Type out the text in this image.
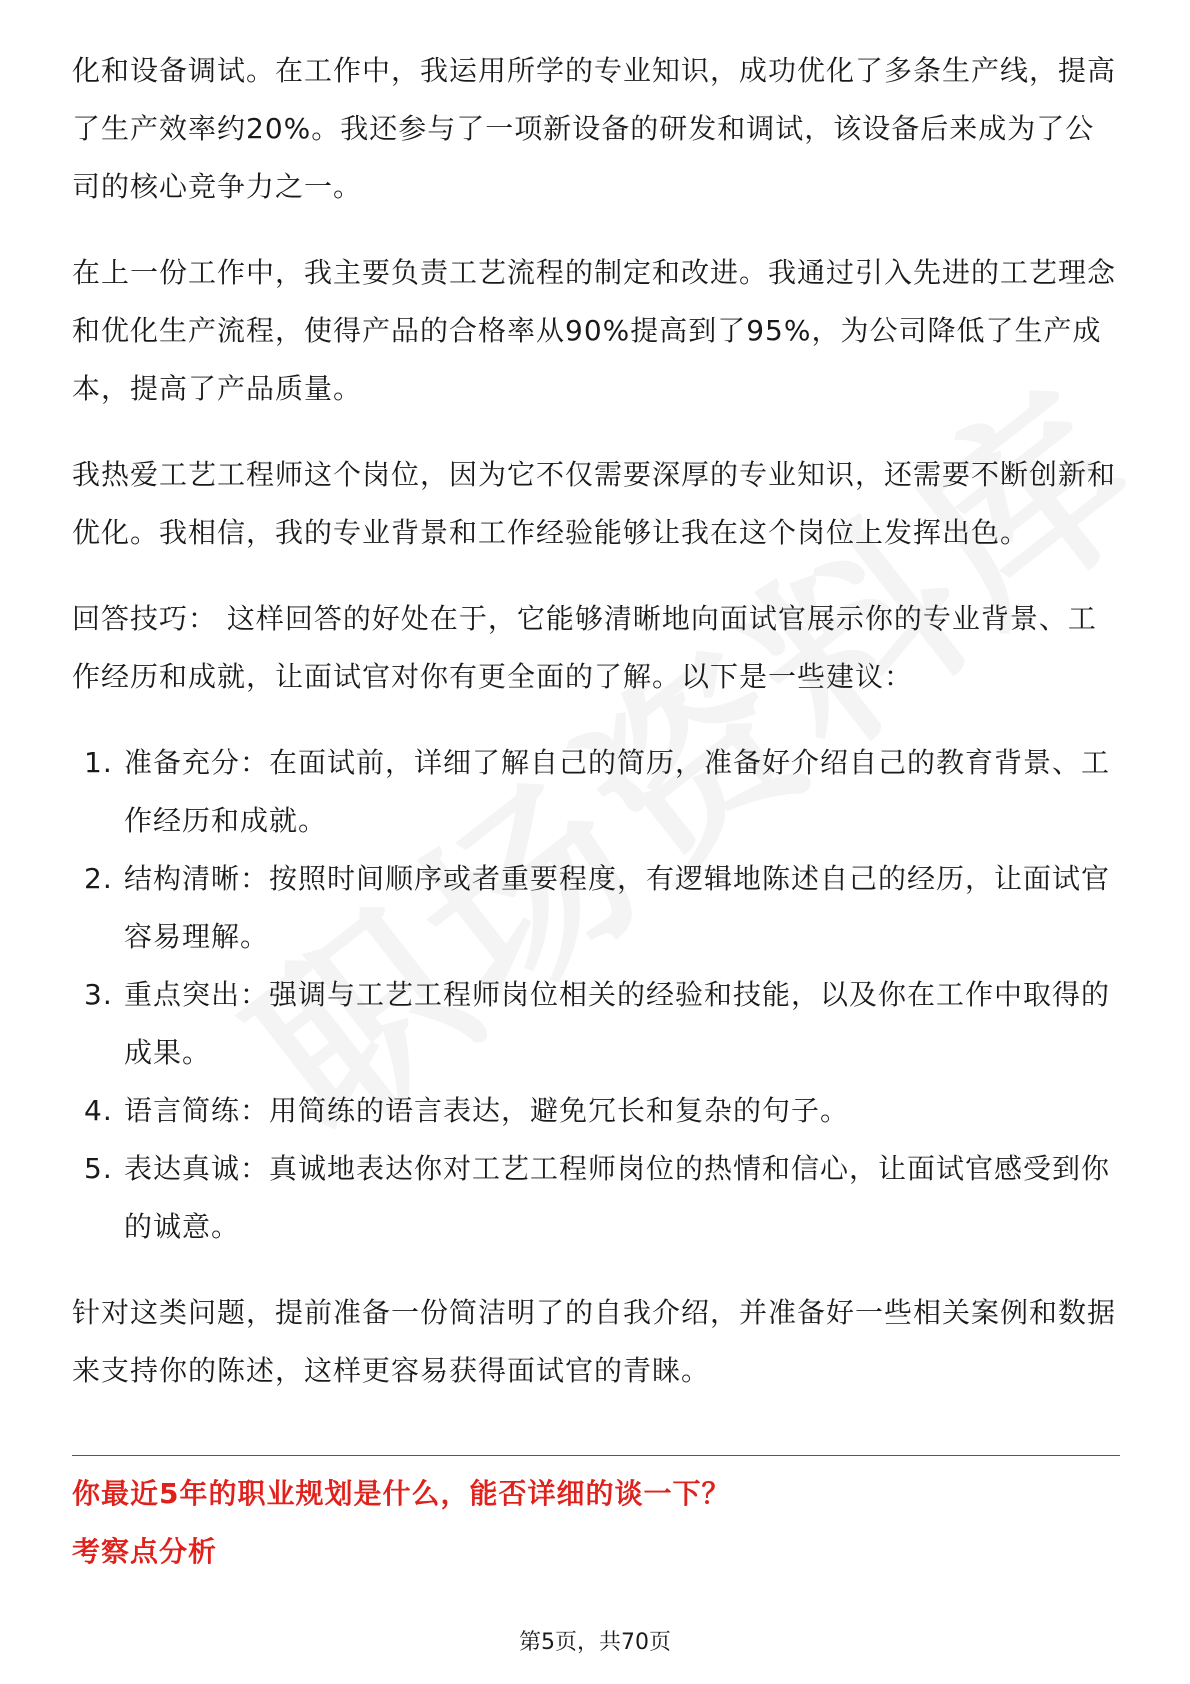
化和设备调试。在工作中，我运用所学的专业知识，成功优化了多条生产线，提高了生产效率约20%。我还参与了一项新设备的研发和调试，该设备后来成为了公司的核心竞争力之一。

在上一份工作中，我主要负责工艺流程的制定和改进。我通过引入先进的工艺理念和优化生产流程，使得产品的合格率从90%提高到了95%，为公司降低了生产成本，提高了产品质量。

我热爱工艺工程师这个岗位，因为它不仅需要深厚的专业知识，还需要不断创新和优化。我相信，我的专业背景和工作经验能够让我在这个岗位上发挥出色。

回答技巧： 这样回答的好处在于，它能够清晰地向面试官展示你的专业背景、工作经历和成就，让面试官对你有更全面的了解。以下是一些建议：

1. 准备充分：在面试前，详细了解自己的简历，准备好介绍自己的教育背景、工作经历和成就。
2. 结构清晰：按照时间顺序或者重要程度，有逻辑地陈述自己的经历，让面试官容易理解。
3. 重点突出：强调与工艺工程师岗位相关的经验和技能，以及你在工作中取得的成果。
4. 语言简练：用简练的语言表达，避免冗长和复杂的句子。
5. 表达真诚：真诚地表达你对工艺工程师岗位的热情和信心，让面试官感受到你的诚意。

针对这类问题，提前准备一份简洁明了的自我介绍，并准备好一些相关案例和数据来支持你的陈述，这样更容易获得面试官的青睐。

你最近5年的职业规划是什么，能否详细的谈一下？
考察点分析
第5页，共70页
